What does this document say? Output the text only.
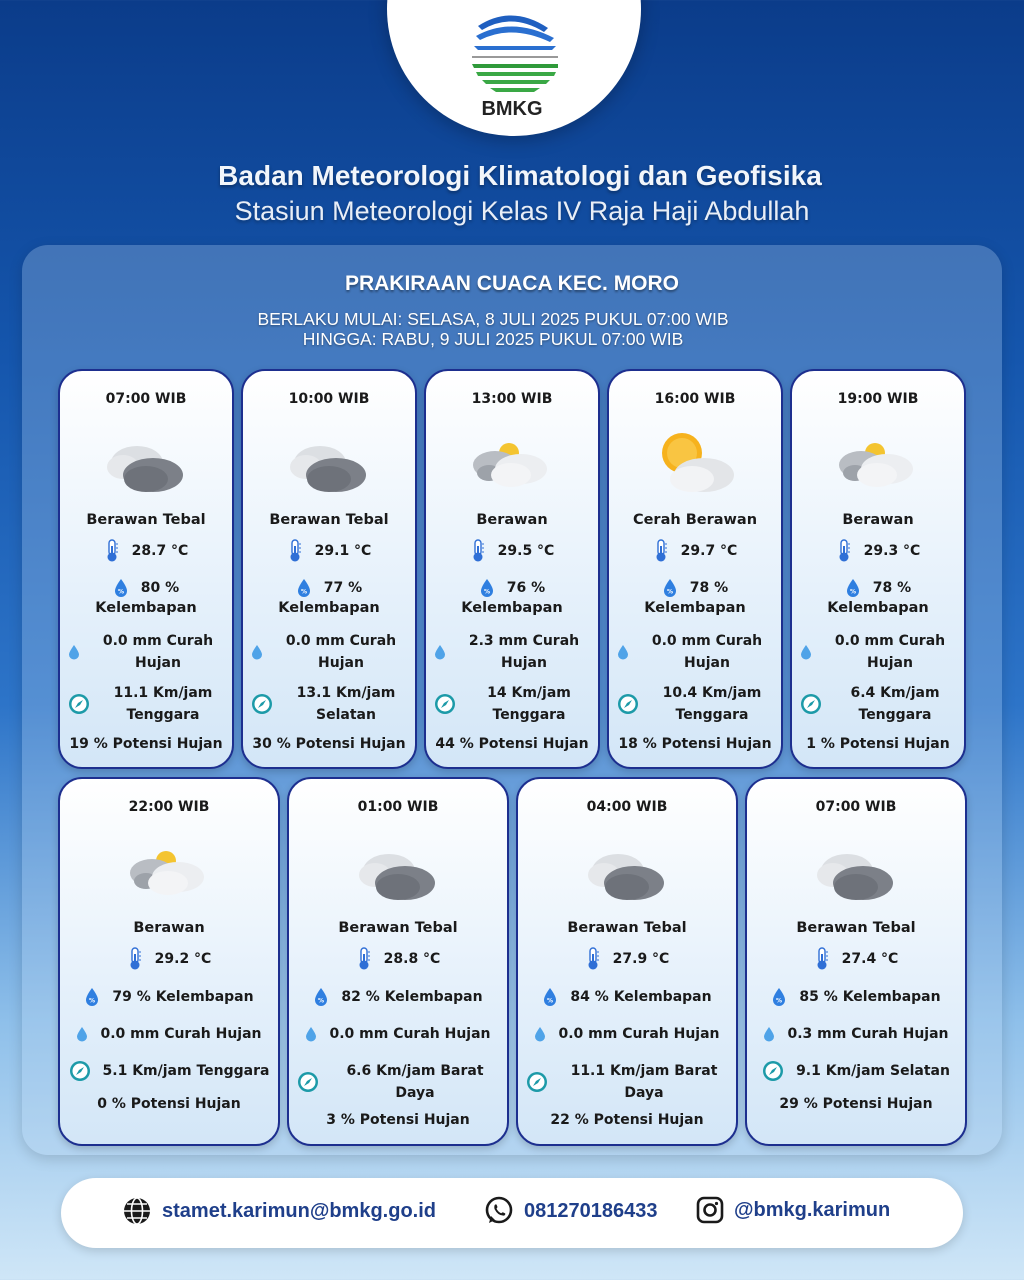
BMKG
Badan Meteorologi Klimatologi dan Geofisika
Stasiun Meteorologi Kelas IV Raja Haji Abdullah
PRAKIRAAN CUACA KEC. MORO
BERLAKU MULAI: SELASA, 8 JULI 2025 PUKUL 07:00 WIB
HINGGA: RABU, 9 JULI 2025 PUKUL 07:00 WIB
07:00 WIB
Berawan Tebal
28.7 °C
% 80 %
Kelembapan
0.0 mm Curah Hujan
11.1 Km/jam Tenggara
19 % Potensi Hujan
10:00 WIB
Berawan Tebal
29.1 °C
% 77 %
Kelembapan
0.0 mm Curah Hujan
13.1 Km/jam Selatan
30 % Potensi Hujan
13:00 WIB
Berawan
29.5 °C
% 76 %
Kelembapan
2.3 mm Curah Hujan
14 Km/jam Tenggara
44 % Potensi Hujan
16:00 WIB
Cerah Berawan
29.7 °C
% 78 %
Kelembapan
0.0 mm Curah Hujan
10.4 Km/jam Tenggara
18 % Potensi Hujan
19:00 WIB
Berawan
29.3 °C
% 78 %
Kelembapan
0.0 mm Curah Hujan
6.4 Km/jam Tenggara
1 % Potensi Hujan
22:00 WIB
Berawan
29.2 °C
% 79 % Kelembapan
0.0 mm Curah Hujan
5.1 Km/jam Tenggara
0 % Potensi Hujan
01:00 WIB
Berawan Tebal
28.8 °C
% 82 % Kelembapan
0.0 mm Curah Hujan
6.6 Km/jam Barat Daya
3 % Potensi Hujan
04:00 WIB
Berawan Tebal
27.9 °C
% 84 % Kelembapan
0.0 mm Curah Hujan
11.1 Km/jam Barat Daya
22 % Potensi Hujan
07:00 WIB
Berawan Tebal
27.4 °C
% 85 % Kelembapan
0.3 mm Curah Hujan
9.1 Km/jam Selatan
29 % Potensi Hujan
stamet.karimun@bmkg.go.id	081270186433	@bmkg.karimun
